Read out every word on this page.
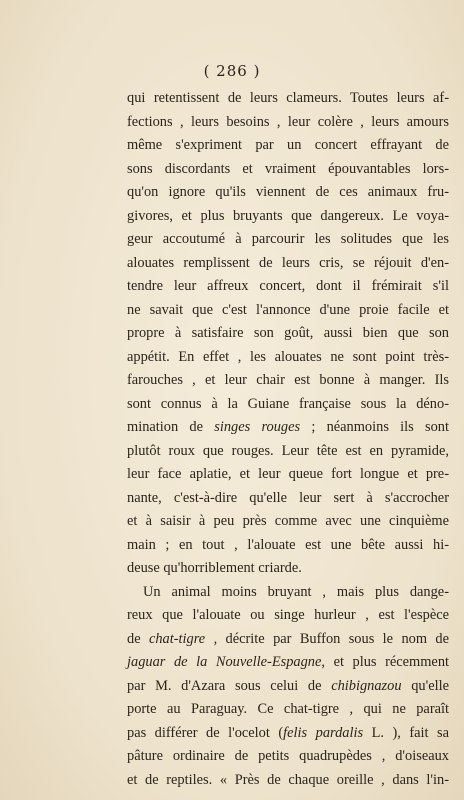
( 286 )
qui retentissent de leurs clameurs. Toutes leurs af-
fections , leurs besoins , leur colère , leurs amours
même s'expriment par un concert effrayant de
sons discordants et vraiment épouvantables lors-
qu'on ignore qu'ils viennent de ces animaux fru-
givores, et plus bruyants que dangereux. Le voya-
geur accoutumé à parcourir les solitudes que les
alouates remplissent de leurs cris, se réjouit d'en-
tendre leur affreux concert, dont il frémirait s'il
ne savait que c'est l'annonce d'une proie facile et
propre à satisfaire son goût, aussi bien que son
appétit. En effet , les alouates ne sont point très-
farouches , et leur chair est bonne à manger. Ils
sont connus à la Guiane française sous la déno-
mination de singes rouges ; néanmoins ils sont
plutôt roux que rouges. Leur tête est en pyramide,
leur face aplatie, et leur queue fort longue et pre-
nante, c'est-à-dire qu'elle leur sert à s'accrocher
et à saisir à peu près comme avec une cinquième
main ; en tout , l'alouate est une bête aussi hi-
deuse qu'horriblement criarde.
Un animal moins bruyant , mais plus dange-
reux que l'alouate ou singe hurleur , est l'espèce
de chat-tigre , décrite par Buffon sous le nom de
jaguar de la Nouvelle-Espagne, et plus récemment
par M. d'Azara sous celui de chibignazou qu'elle
porte au Paraguay. Ce chat-tigre , qui ne paraît
pas différer de l'ocelot (felis pardalis L. ), fait sa
pâture ordinaire de petits quadrupèdes , d'oiseaux
et de reptiles. « Près de chaque oreille , dans l'in-
